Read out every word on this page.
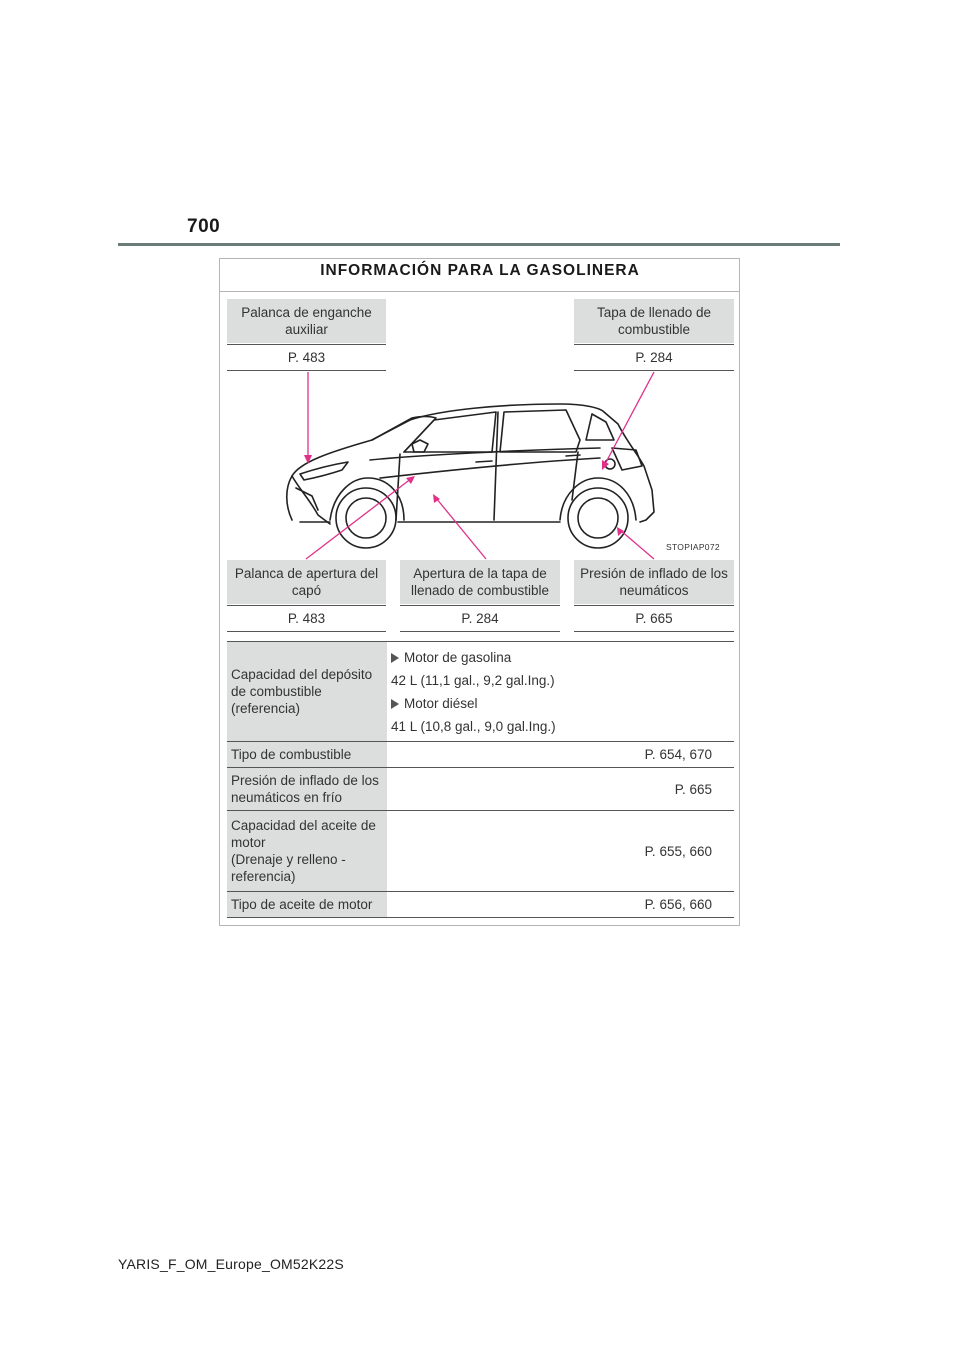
700
INFORMACIÓN PARA LA GASOLINERA
Palanca de enganche auxiliar
P. 483
Tapa de llenado de combustible
P. 284
STOPIAP072
Palanca de apertura del capó
P. 483
Apertura de la tapa de llenado de combustible
P. 284
Presión de inflado de los neumáticos
P. 665
Capacidad del depósito de combustible (referencia)	Motor de gasolina
42 L (11,1 gal., 9,2 gal.Ing.)
Motor diésel
41 L (10,8 gal., 9,0 gal.Ing.)

Tipo de combustible	P. 654, 670
Presión de inflado de los neumáticos en frío	P. 665

Capacidad del aceite de motor
(Drenaje y relleno - referencia)	P. 655, 660
Tipo de aceite de motor	P. 656, 660
YARIS_F_OM_Europe_OM52K22S
